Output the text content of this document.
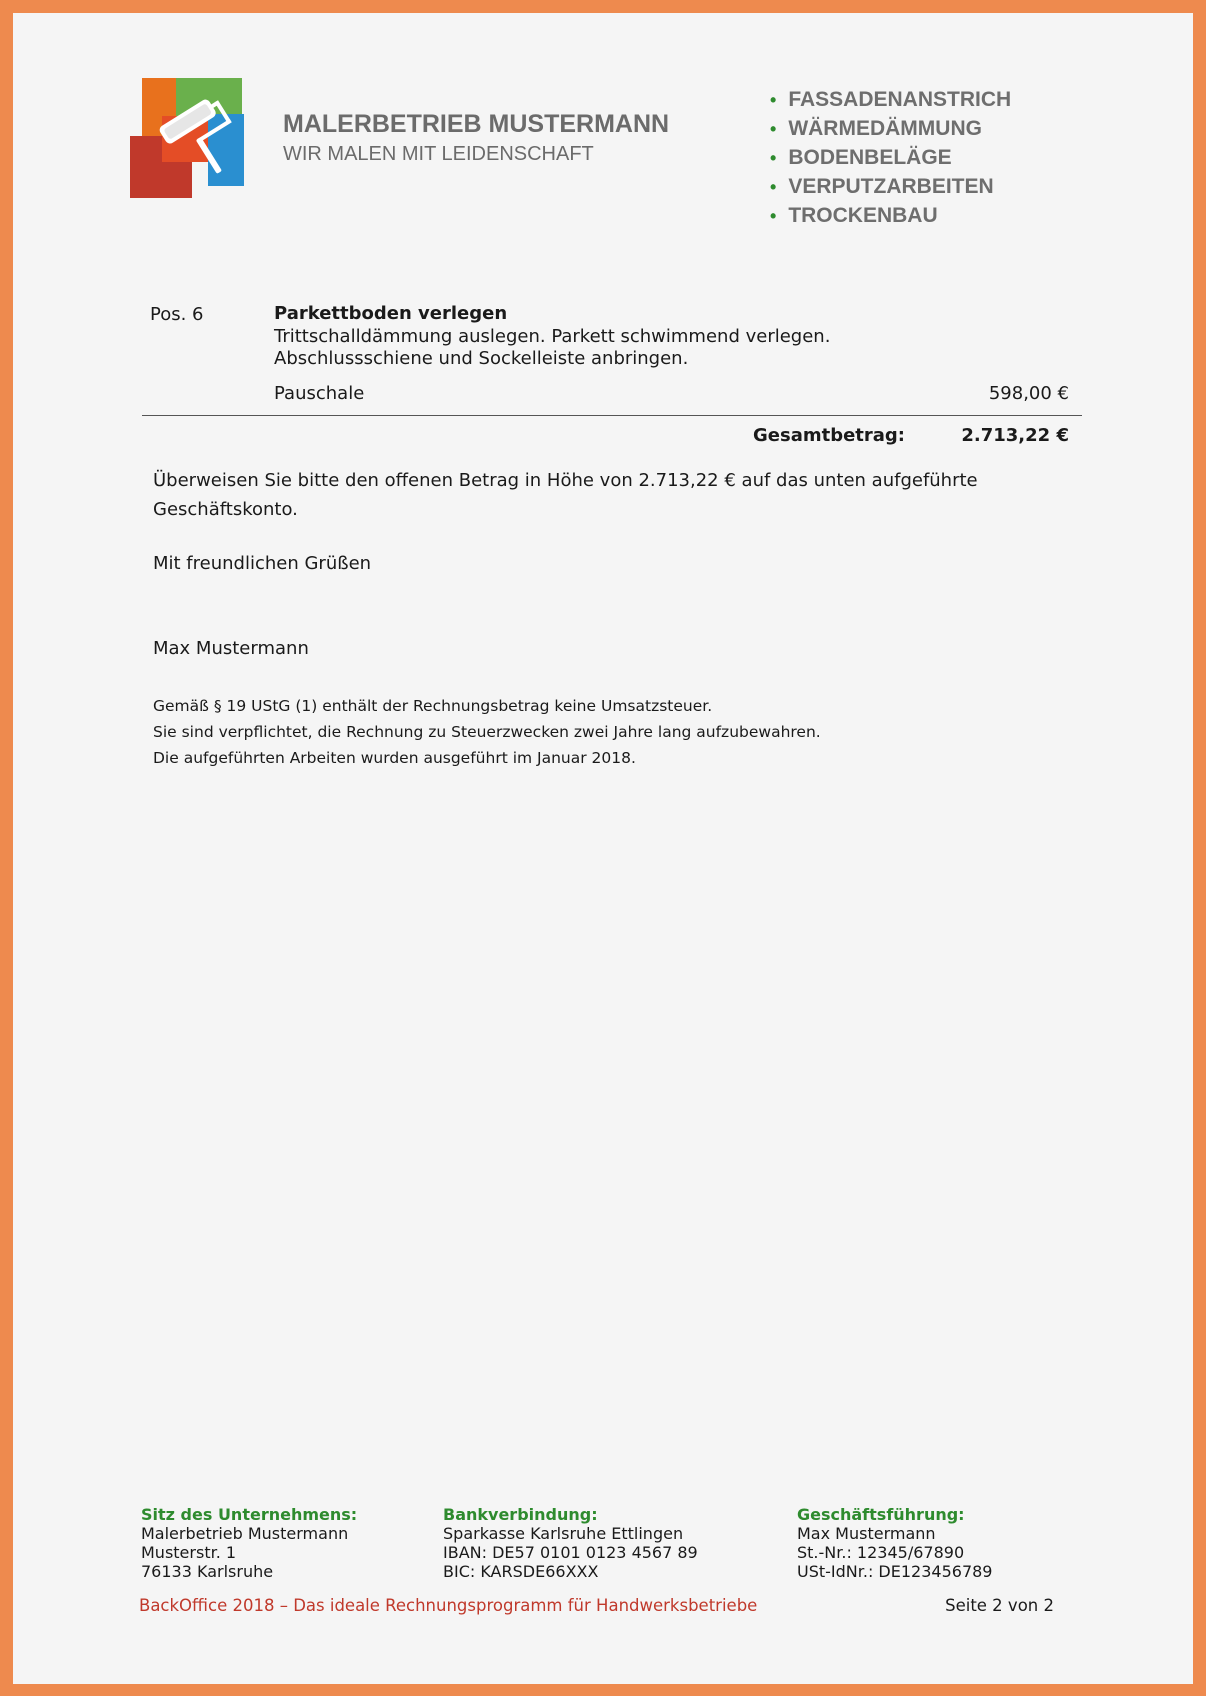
MALERBETRIEB MUSTERMANN
WIR MALEN MIT LEIDENSCHAFT
• FASSADENANSTRICH
• WÄRMEDÄMMUNG
• BODENBELÄGE
• VERPUTZARBEITEN
• TROCKENBAU
Pos. 6	Parkettboden verlegen
Trittschalldämmung auslegen. Parkett schwimmend verlegen.
Abschlussschiene und Sockelleiste anbringen.
Pauschale	598,00 €
Gesamtbetrag:	2.713,22 €
Überweisen Sie bitte den offenen Betrag in Höhe von 2.713,22 € auf das unten aufgeführte Geschäftskonto.
Mit freundlichen Grüßen
Max Mustermann
Gemäß § 19 UStG (1) enthält der Rechnungsbetrag keine Umsatzsteuer.
Sie sind verpflichtet, die Rechnung zu Steuerzwecken zwei Jahre lang aufzubewahren.
Die aufgeführten Arbeiten wurden ausgeführt im Januar 2018.
Sitz des Unternehmens:
Malerbetrieb Mustermann
Musterstr. 1
76133 Karlsruhe
Bankverbindung:
Sparkasse Karlsruhe Ettlingen
IBAN: DE57 0101 0123 4567 89
BIC: KARSDE66XXX
Geschäftsführung:
Max Mustermann
St.-Nr.: 12345/67890
USt-IdNr.: DE123456789
BackOffice 2018 – Das ideale Rechnungsprogramm für Handwerksbetriebe	Seite 2 von 2
